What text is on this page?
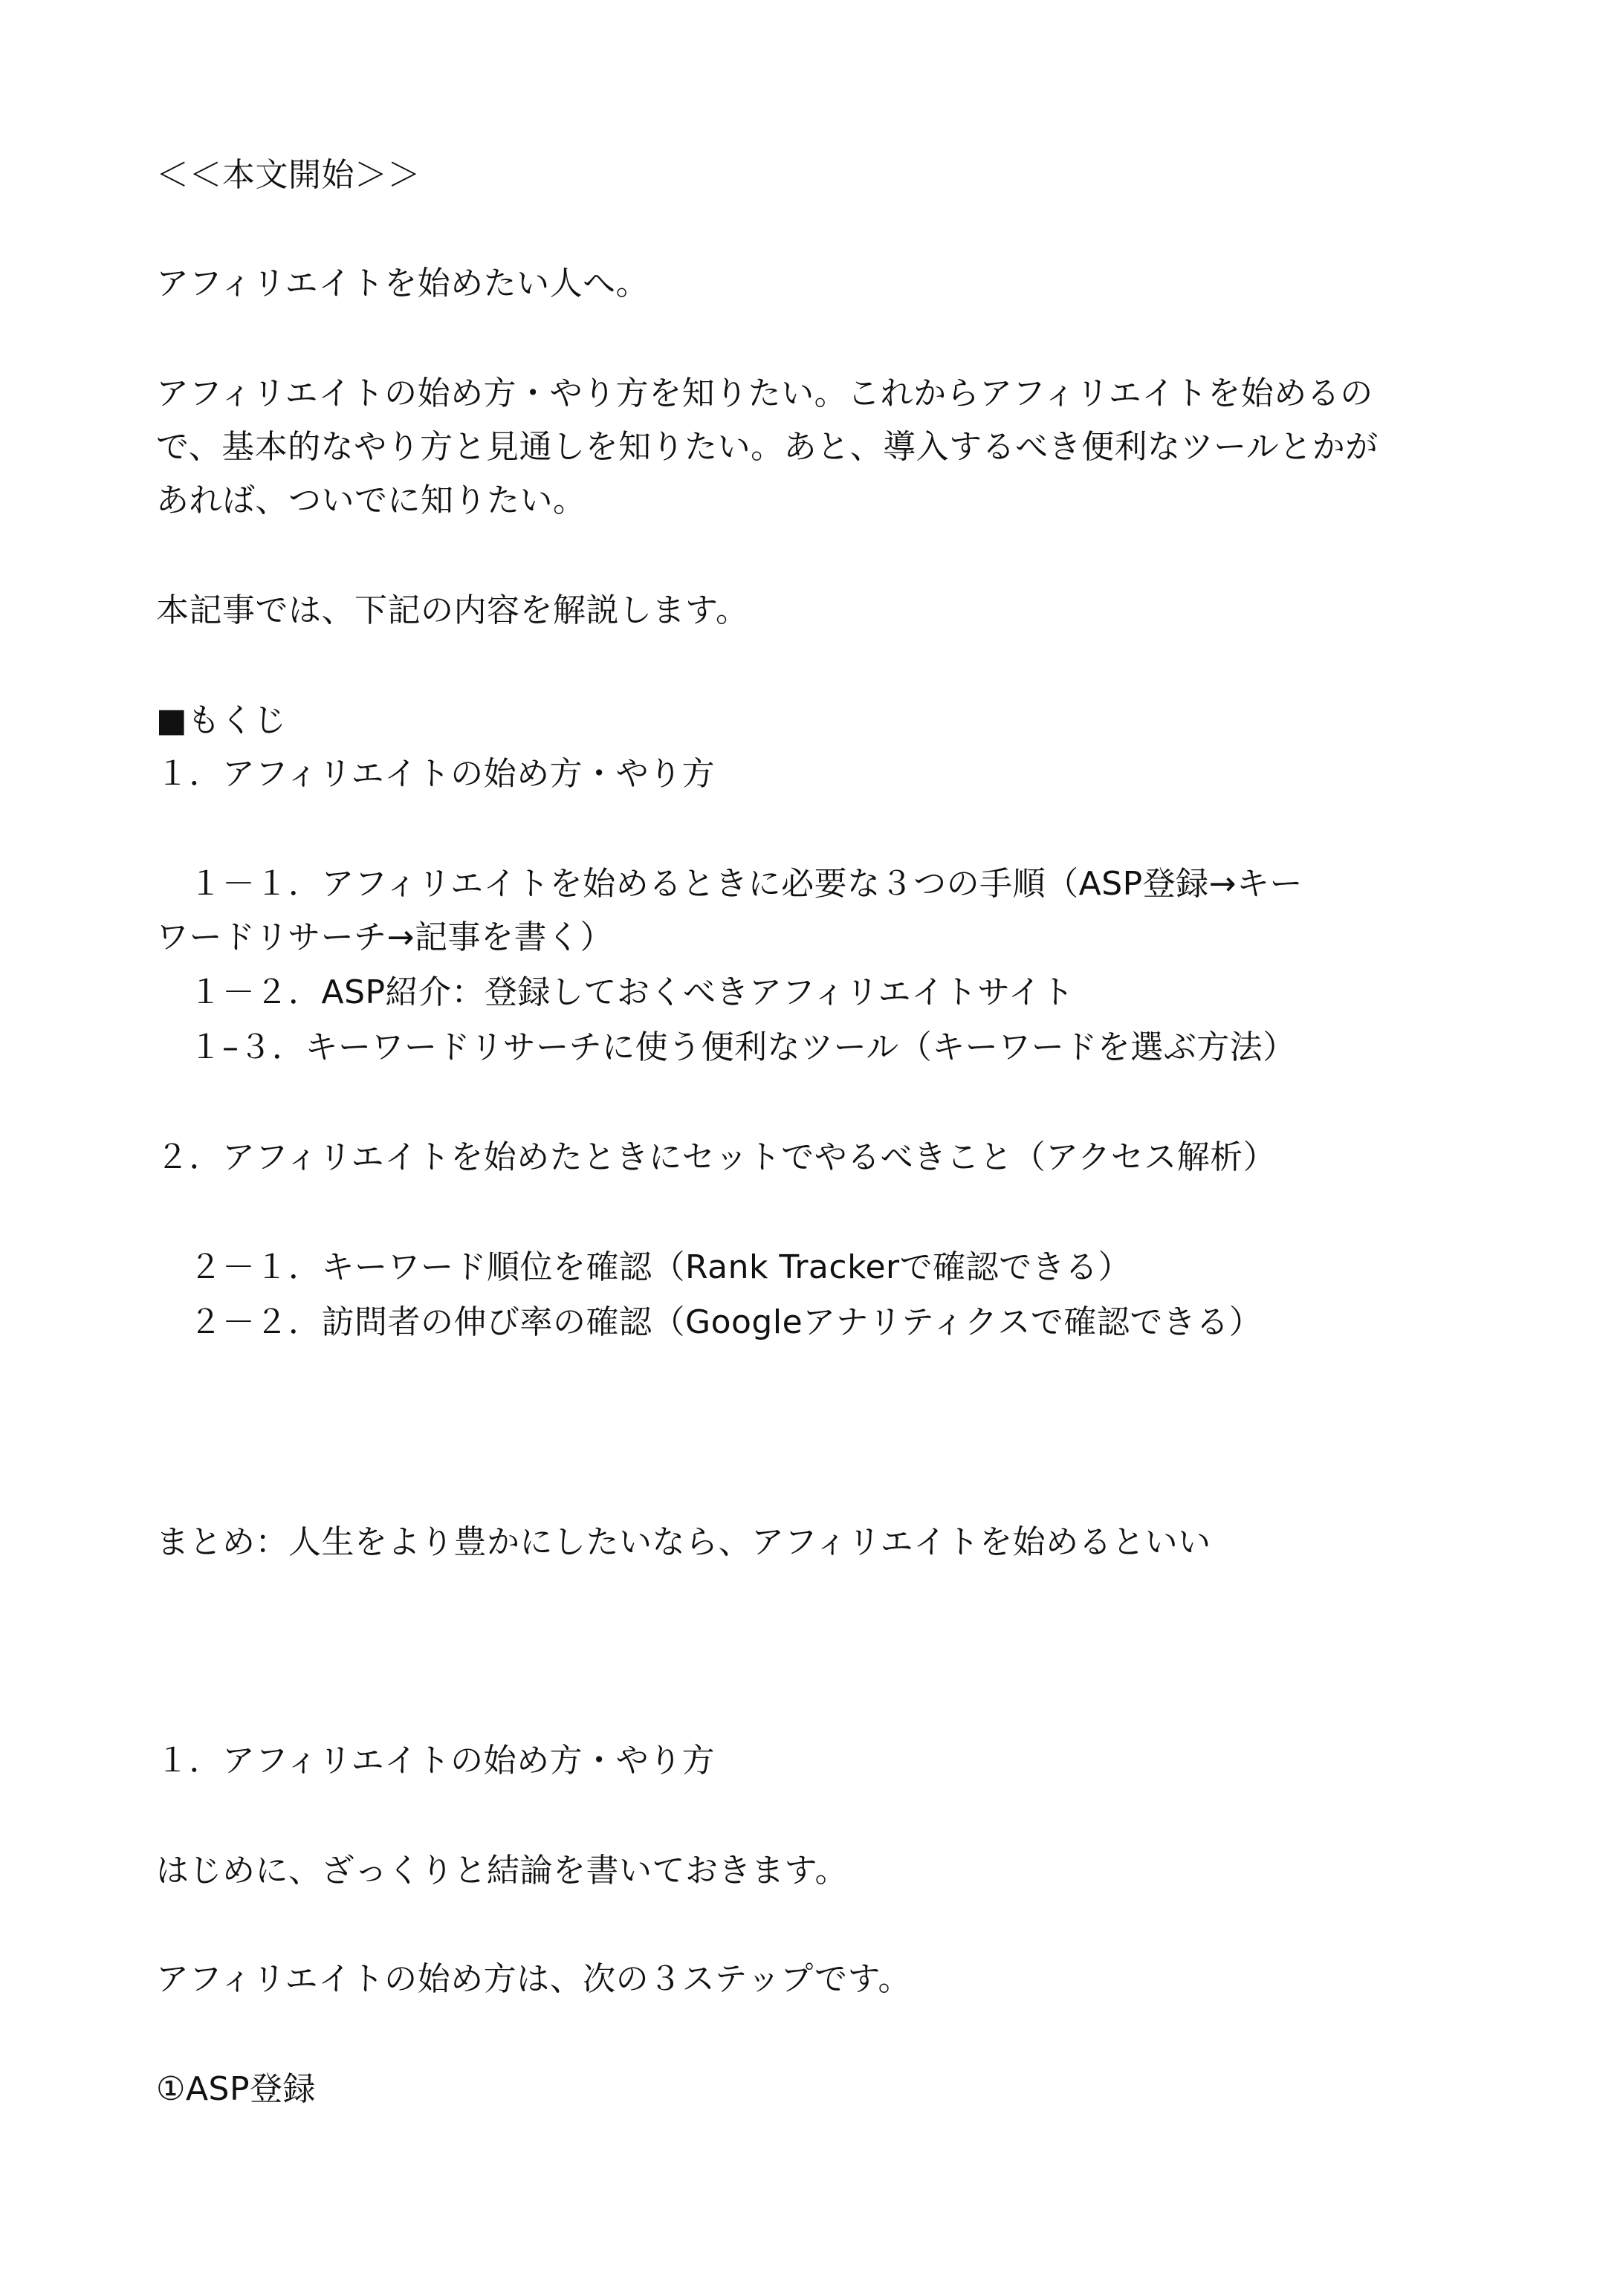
＜＜本文開始＞＞
アフィリエイトを始めたい人へ。
アフィリエイトの始め方・やり方を知りたい。これからアフィリエイトを始めるの
で、基本的なやり方と見通しを知りたい。あと、導入するべき便利なツールとかが
あれば、ついでに知りたい。
本記事では、下記の内容を解説します。
■もくじ
１．アフィリエイトの始め方・やり方
　１－１．アフィリエイトを始めるときに必要な３つの手順（ASP登録→キー
ワードリサーチ→記事を書く）
　１－２．ASP紹介：登録しておくべきアフィリエイトサイト
　１–３．キーワードリサーチに使う便利なツール（キーワードを選ぶ方法）
２．アフィリエイトを始めたときにセットでやるべきこと（アクセス解析）
　２－１．キーワード順位を確認（Rank Trackerで確認できる）
　２－２．訪問者の伸び率の確認（Googleアナリティクスで確認できる）
まとめ：人生をより豊かにしたいなら、アフィリエイトを始めるといい
１．アフィリエイトの始め方・やり方
はじめに、ざっくりと結論を書いておきます。
アフィリエイトの始め方は、次の３ステップです。
①ASP登録
